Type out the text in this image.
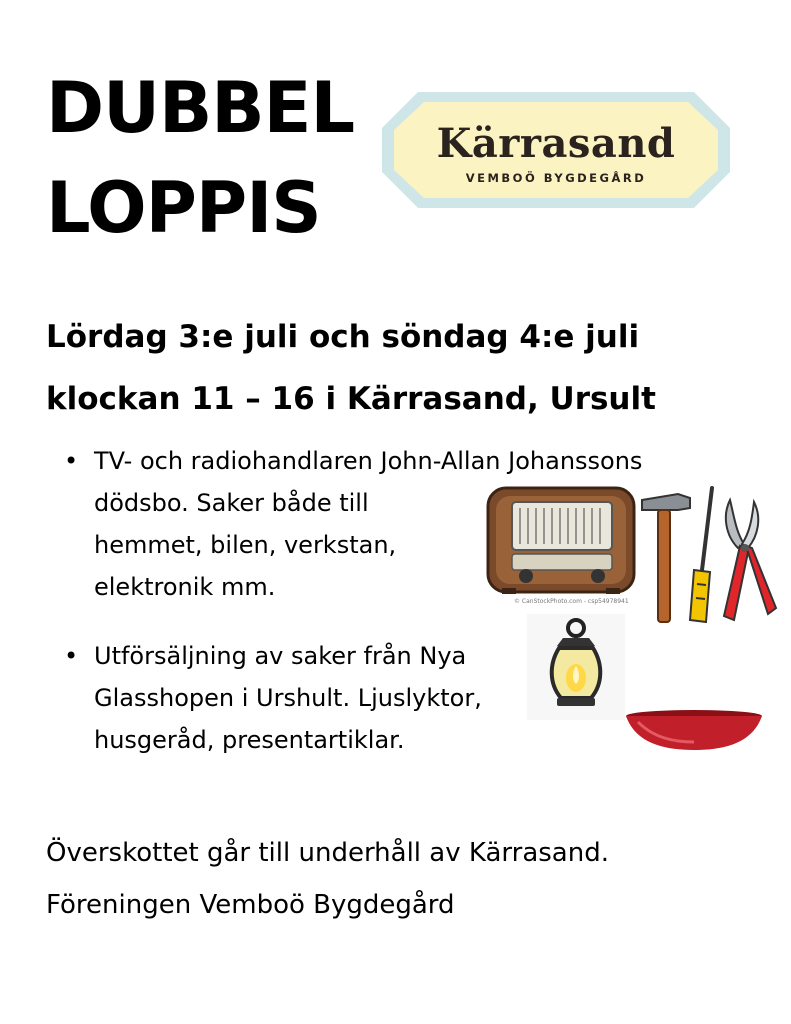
DUBBEL
LOPPIS
Kärrasand
VEMBOÖ BYGDEGÅRD
Lördag 3:e juli och söndag 4:e juli
klockan 11 – 16 i Kärrasand, Ursult
• TV- och radiohandlaren John-Allan Johanssons
dödsbo. Saker både till
hemmet, bilen, verkstan,
elektronik mm.
• Utförsäljning av saker från Nya
Glasshopen i Urshult. Ljuslyktor,
husgeråd, presentartiklar.
© CanStockPhoto.com - csp54978941
Överskottet går till underhåll av Kärrasand.
Föreningen Vemboö Bygdegård
